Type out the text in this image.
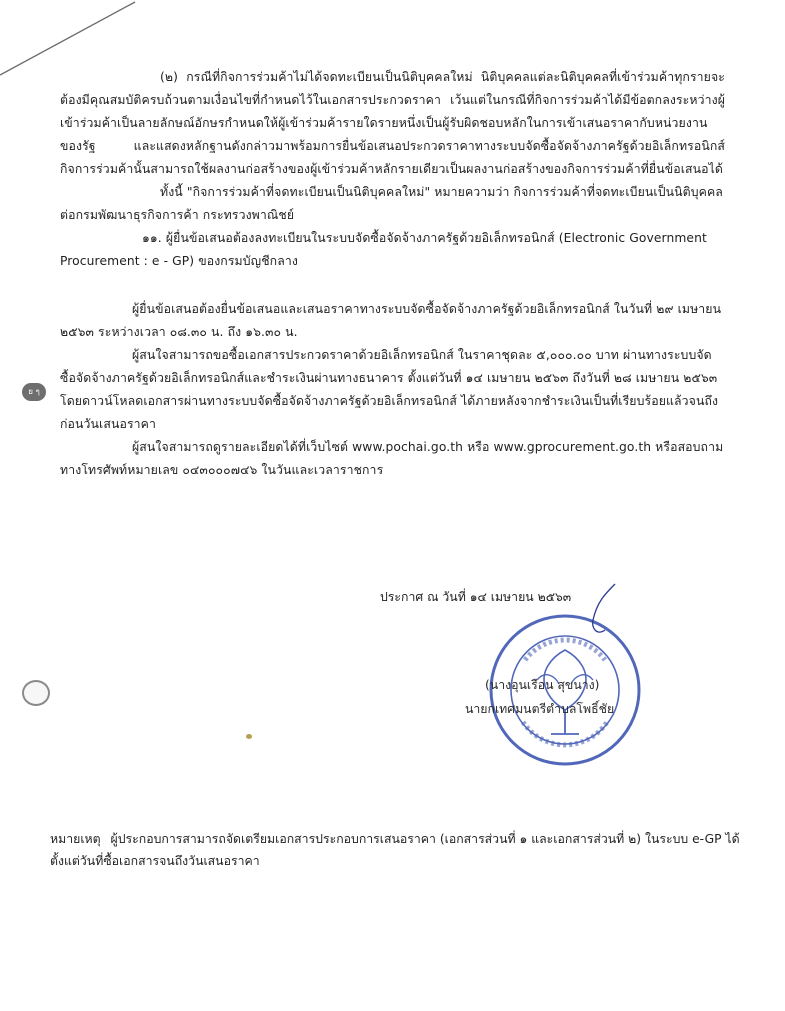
ย ๆ

(๒) กรณีที่กิจการร่วมค้าไม่ได้จดทะเบียนเป็นนิติบุคคลใหม่ นิติบุคคลแต่ละนิติบุคคลที่เข้าร่วมค้าทุกรายจะต้องมีคุณสมบัติครบถ้วนตามเงื่อนไขที่กำหนดไว้ในเอกสารประกวดราคา เว้นแต่ในกรณีที่กิจการร่วมค้าได้มีข้อตกลงระหว่างผู้เข้าร่วมค้าเป็นลายลักษณ์อักษรกำหนดให้ผู้เข้าร่วมค้ารายใดรายหนึ่งเป็นผู้รับผิดชอบหลักในการเข้าเสนอราคากับหน่วยงานของรัฐ และแสดงหลักฐานดังกล่าวมาพร้อมการยื่นข้อเสนอประกวดราคาทางระบบจัดซื้อจัดจ้างภาครัฐด้วยอิเล็กทรอนิกส์ กิจการร่วมค้านั้นสามารถใช้ผลงานก่อสร้างของผู้เข้าร่วมค้าหลักรายเดียวเป็นผลงานก่อสร้างของกิจการร่วมค้าที่ยื่นข้อเสนอได้

ทั้งนี้ "กิจการร่วมค้าที่จดทะเบียนเป็นนิติบุคคลใหม่" หมายความว่า กิจการร่วมค้าที่จดทะเบียนเป็นนิติบุคคลต่อกรมพัฒนาธุรกิจการค้า กระทรวงพาณิชย์

๑๑. ผู้ยื่นข้อเสนอต้องลงทะเบียนในระบบจัดซื้อจัดจ้างภาครัฐด้วยอิเล็กทรอนิกส์ (Electronic Government Procurement : e - GP) ของกรมบัญชีกลาง

ผู้ยื่นข้อเสนอต้องยื่นข้อเสนอและเสนอราคาทางระบบจัดซื้อจัดจ้างภาครัฐด้วยอิเล็กทรอนิกส์ ในวันที่ ๒๙ เมษายน ๒๕๖๓ ระหว่างเวลา ๐๘.๓๐ น. ถึง ๑๖.๓๐ น.

ผู้สนใจสามารถขอซื้อเอกสารประกวดราคาด้วยอิเล็กทรอนิกส์ ในราคาชุดละ ๕,๐๐๐.๐๐ บาท ผ่านทางระบบจัดซื้อจัดจ้างภาครัฐด้วยอิเล็กทรอนิกส์และชำระเงินผ่านทางธนาคาร ตั้งแต่วันที่ ๑๔ เมษายน ๒๕๖๓ ถึงวันที่ ๒๘ เมษายน ๒๕๖๓ โดยดาวน์โหลดเอกสารผ่านทางระบบจัดซื้อจัดจ้างภาครัฐด้วยอิเล็กทรอนิกส์ ได้ภายหลังจากชำระเงินเป็นที่เรียบร้อยแล้วจนถึงก่อนวันเสนอราคา

ผู้สนใจสามารถดูรายละเอียดได้ที่เว็บไซต์ www.pochai.go.th หรือ www.gprocurement.go.th หรือสอบถามทางโทรศัพท์หมายเลข ๐๔๓๐๐๐๗๔๖ ในวันและเวลาราชการ

ประกาศ ณ วันที่ ๑๔ เมษายน ๒๕๖๓
(นางอุนเรือน สุขนาง)
นายกเทศมนตรีตำบลโพธิ์ชัย
หมายเหตุ ผู้ประกอบการสามารถจัดเตรียมเอกสารประกอบการเสนอราคา (เอกสารส่วนที่ ๑ และเอกสารส่วนที่ ๒) ในระบบ e-GP ได้ตั้งแต่วันที่ซื้อเอกสารจนถึงวันเสนอราคา
